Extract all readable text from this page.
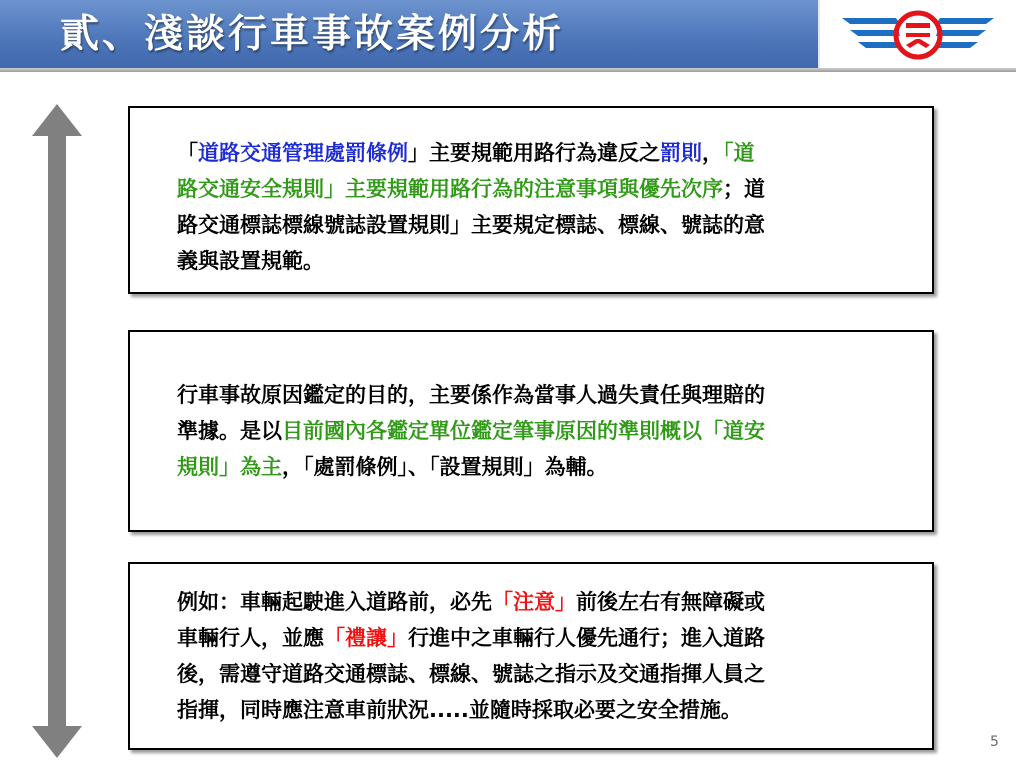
貳、淺談行車事故案例分析
「道路交通管理處罰條例」主要規範用路行為違反之罰則，「道
路交通安全規則」主要規範用路行為的注意事項與優先次序；道
路交通標誌標線號誌設置規則」主要規定標誌、標線、號誌的意
義與設置規範。
行車事故原因鑑定的目的，主要係作為當事人過失責任與理賠的
準據。是以目前國內各鑑定單位鑑定筆事原因的準則概以「道安
規則」為主，「處罰條例」、「設置規則」為輔。
例如：車輛起駛進入道路前，必先「注意」前後左右有無障礙或
車輛行人，並應「禮讓」行進中之車輛行人優先通行；進入道路
後，需遵守道路交通標誌、標線、號誌之指示及交通指揮人員之
指揮，同時應注意車前狀況.....並隨時採取必要之安全措施。
5
